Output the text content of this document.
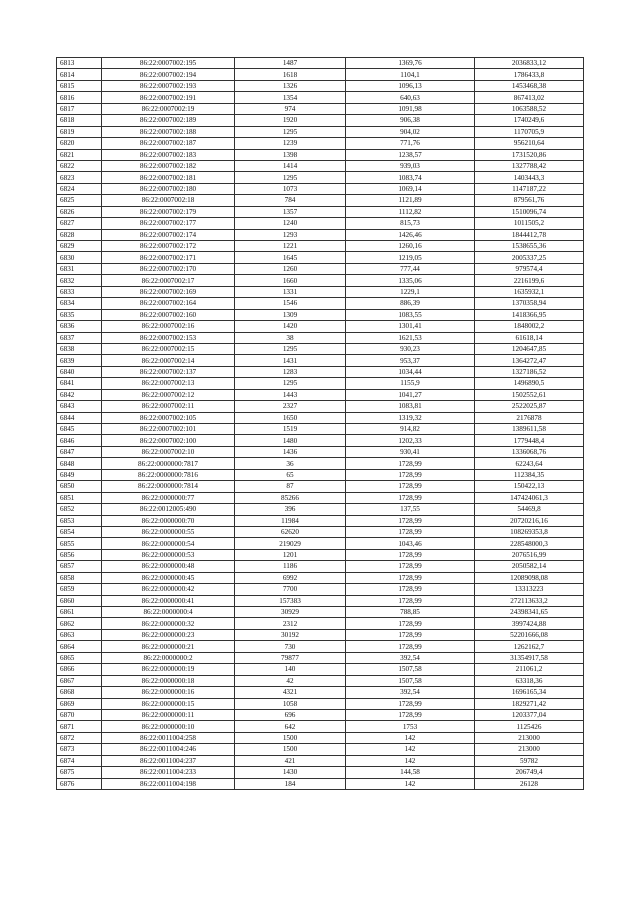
6813	86:22:0007002:195	1487	1369,76	2036833,12
6814	86:22:0007002:194	1618	1104,1	1786433,8
6815	86:22:0007002:193	1326	1096,13	1453468,38
6816	86:22:0007002:191	1354	640,63	867413,02
6817	86:22:0007002:19	974	1091,98	1063588,52
6818	86:22:0007002:189	1920	906,38	1740249,6
6819	86:22:0007002:188	1295	904,02	1170705,9
6820	86:22:0007002:187	1239	771,76	956210,64
6821	86:22:0007002:183	1398	1238,57	1731520,86
6822	86:22:0007002:182	1414	939,03	1327788,42
6823	86:22:0007002:181	1295	1083,74	1403443,3
6824	86:22:0007002:180	1073	1069,14	1147187,22
6825	86:22:0007002:18	784	1121,89	879561,76
6826	86:22:0007002:179	1357	1112,82	1510096,74
6827	86:22:0007002:177	1240	815,73	1011505,2
6828	86:22:0007002:174	1293	1426,46	1844412,78
6829	86:22:0007002:172	1221	1260,16	1538655,36
6830	86:22:0007002:171	1645	1219,05	2005337,25
6831	86:22:0007002:170	1260	777,44	979574,4
6832	86:22:0007002:17	1660	1335,06	2216199,6
6833	86:22:0007002:169	1331	1229,1	1635932,1
6834	86:22:0007002:164	1546	886,39	1370358,94
6835	86:22:0007002:160	1309	1083,55	1418366,95
6836	86:22:0007002:16	1420	1301,41	1848002,2
6837	86:22:0007002:153	38	1621,53	61618,14
6838	86:22:0007002:15	1295	930,23	1204647,85
6839	86:22:0007002:14	1431	953,37	1364272,47
6840	86:22:0007002:137	1283	1034,44	1327186,52
6841	86:22:0007002:13	1295	1155,9	1496890,5
6842	86:22:0007002:12	1443	1041,27	1502552,61
6843	86:22:0007002:11	2327	1083,81	2522025,87
6844	86:22:0007002:105	1650	1319,32	2176878
6845	86:22:0007002:101	1519	914,82	1389611,58
6846	86:22:0007002:100	1480	1202,33	1779448,4
6847	86:22:0007002:10	1436	930,41	1336068,76
6848	86:22:0000000:7817	36	1728,99	62243,64
6849	86:22:0000000:7816	65	1728,99	112384,35
6850	86:22:0000000:7814	87	1728,99	150422,13
6851	86:22:0000000:77	85266	1728,99	147424061,3
6852	86:22:0012005:490	396	137,55	54469,8
6853	86:22:0000000:70	11984	1728,99	20720216,16
6854	86:22:0000000:55	62620	1728,99	108269353,8
6855	86:22:0000000:54	219029	1043,46	228548000,3
6856	86:22:0000000:53	1201	1728,99	2076516,99
6857	86:22:0000000:48	1186	1728,99	2050582,14
6858	86:22:0000000:45	6992	1728,99	12089098,08
6859	86:22:0000000:42	7700	1728,99	13313223
6860	86:22:0000000:41	157383	1728,99	272113633,2
6861	86:22:0000000:4	30929	788,85	24398341,65
6862	86:22:0000000:32	2312	1728,99	3997424,88
6863	86:22:0000000:23	30192	1728,99	52201666,08
6864	86:22:0000000:21	730	1728,99	1262162,7
6865	86:22:0000000:2	79877	392,54	31354917,58
6866	86:22:0000000:19	140	1507,58	211061,2
6867	86:22:0000000:18	42	1507,58	63318,36
6868	86:22:0000000:16	4321	392,54	1696165,34
6869	86:22:0000000:15	1058	1728,99	1829271,42
6870	86:22:0000000:11	696	1728,99	1203377,04
6871	86:22:0000000:10	642	1753	1125426
6872	86:22:0011004:258	1500	142	213000
6873	86:22:0011004:246	1500	142	213000
6874	86:22:0011004:237	421	142	59782
6875	86:22:0011004:233	1430	144,58	206749,4
6876	86:22:0011004:198	184	142	26128
